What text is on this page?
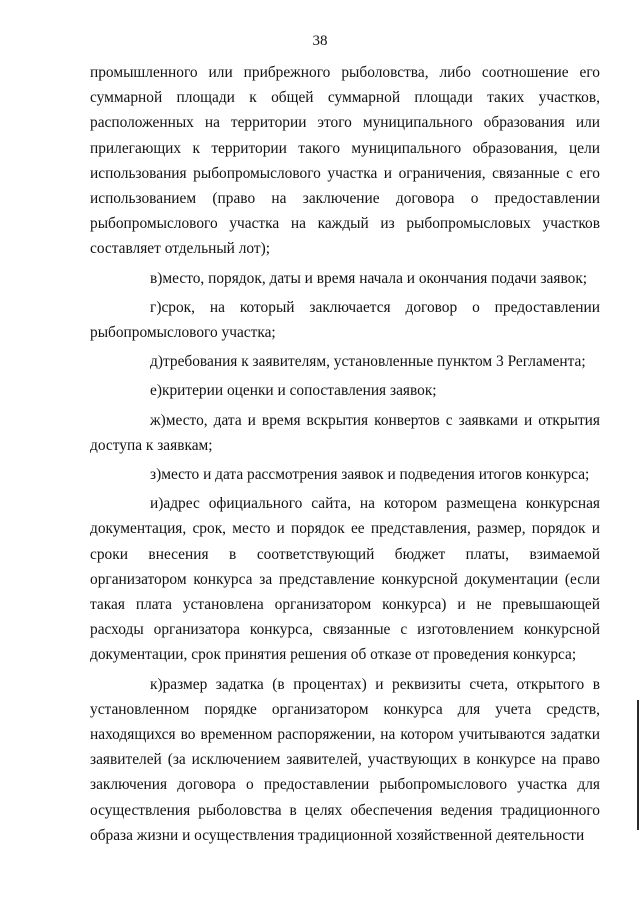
38

промышленного или прибрежного рыболовства, либо соотношение его суммарной площади к общей суммарной площади таких участков, расположенных на территории этого муниципального образования или прилегающих к территории такого муниципального образования, цели использования рыбопромыслового участка и ограничения, связанные с его использованием (право на заключение договора о предоставлении рыбопромыслового участка на каждый из рыбопромысловых участков составляет отдельный лот);

в)место, порядок, даты и время начала и окончания подачи заявок;

г)срок, на который заключается договор о предоставлении рыбопромыслового участка;

д)требования к заявителям, установленные пунктом 3 Регламента;

е)критерии оценки и сопоставления заявок;

ж)место, дата и время вскрытия конвертов с заявками и открытия доступа к заявкам;

з)место и дата рассмотрения заявок и подведения итогов конкурса;

и)адрес официального сайта, на котором размещена конкурсная документация, срок, место и порядок ее представления, размер, порядок и сроки внесения в соответствующий бюджет платы, взимаемой организатором конкурса за представление конкурсной документации (если такая плата установлена организатором конкурса) и не превышающей расходы организатора конкурса, связанные с изготовлением конкурсной документации, срок принятия решения об отказе от проведения конкурса;

к)размер задатка (в процентах) и реквизиты счета, открытого в установленном порядке организатором конкурса для учета средств, находящихся во временном распоряжении, на котором учитываются задатки заявителей (за исключением заявителей, участвующих в конкурсе на право заключения договора о предоставлении рыбопромыслового участка для осуществления рыболовства в целях обеспечения ведения традиционного образа жизни и осуществления традиционной хозяйственной деятельности
